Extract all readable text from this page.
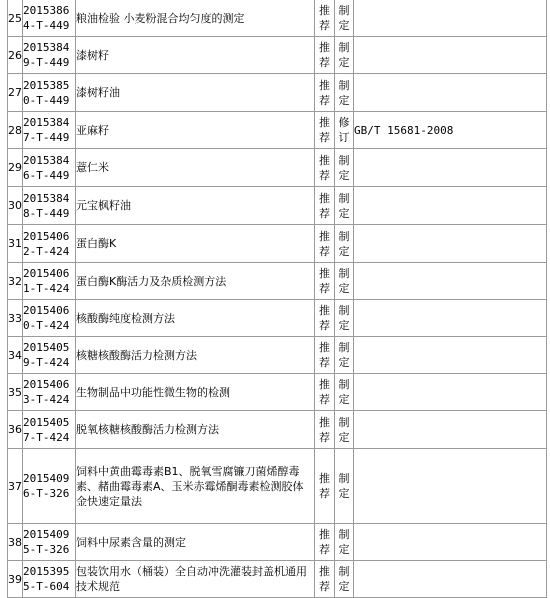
25	20153864-T-449	粮油检验 小麦粉混合均匀度的测定	推荐	制定	

26	20153849-T-449	漆树籽	推荐	制定	

27	20153850-T-449	漆树籽油	推荐	制定	

28	20153847-T-449	亚麻籽	推荐	修订	GB/T 15681-2008
29	20153846-T-449	薏仁米	推荐	制定	

30	20153848-T-449	元宝枫籽油	推荐	制定	

31	20154062-T-424	蛋白酶K	推荐	制定	

32	20154061-T-424	蛋白酶K酶活力及杂质检测方法	推荐	制定	

33	20154060-T-424	核酸酶纯度检测方法	推荐	制定	

34	20154059-T-424	核糖核酸酶活力检测方法	推荐	制定	

35	20154063-T-424	生物制品中功能性微生物的检测	推荐	制定	

36	20154057-T-424	脱氧核糖核酸酶活力检测方法	推荐	制定	

37	20154096-T-326	饲料中黄曲霉毒素B1、脱氧雪腐镰刀菌烯醇毒素、赭曲霉毒素A、玉米赤霉烯酮毒素检测胶体金快速定量法	推荐	制定	

38	20154095-T-326	饲料中尿素含量的测定	推荐	制定	

39	20153955-T-604	包装饮用水（桶装）全自动冲洗灌装封盖机通用技术规范	推荐	制定	
